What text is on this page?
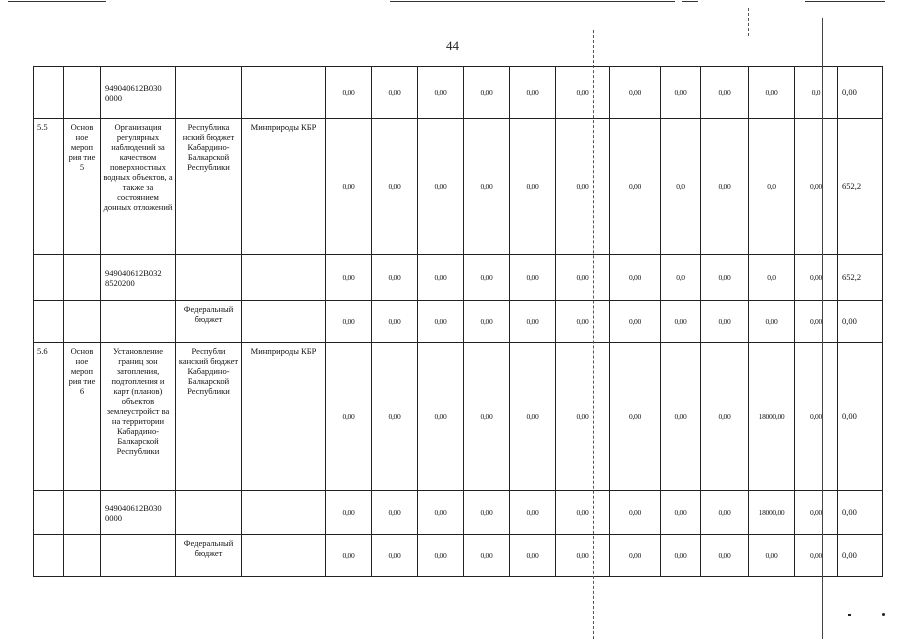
44
		949040612В030 0000			0,00	0,00	0,00	0,00	0,00	0,00	0,00	0,00	0,00	0,00	0,0	0,00
5.5	Основ ное мероп рия тие 5	Организация регулярных наблюдений за качеством поверхностных водных объектов, а также за состоянием донных отложений	Республика нский бюджет Кабардино-Балкарской Республики	Минприроды КБР	0,00	0,00	0,00	0,00	0,00	0,00	0,00	0,0	0,00	0,0	0,00	652,2
		949040612В032 8520200			0,00	0,00	0,00	0,00	0,00	0,00	0,00	0,0	0,00	0,0	0,00	652,2
			Федеральный бюджет		0,00	0,00	0,00	0,00	0,00	0,00	0,00	0,00	0,00	0,00	0,00	0,00
5.6	Основ ное мероп рия тие 6	Установление границ зон затопления, подтопления и карт (планов) объектов землеустройст ва на территории Кабардино-Балкарской Республики	Республи канский бюджет Кабардино-Балкарской Республики	Минприроды КБР	0,00	0,00	0,00	0,00	0,00	0,00	0,00	0,00	0,00	18000,00	0,00	0,00
		949040612В030 0000			0,00	0,00	0,00	0,00	0,00	0,00	0,00	0,00	0,00	18000,00	0,00	0,00
			Федеральный бюджет		0,00	0,00	0,00	0,00	0,00	0,00	0,00	0,00	0,00	0,00	0,00	0,00
